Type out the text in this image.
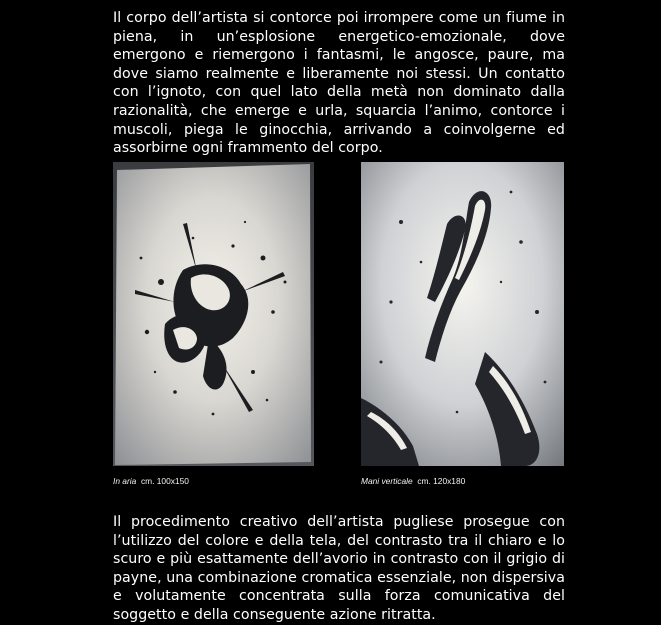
Il corpo dell’artista si contorce poi irrompere come un fiume in piena, in un’esplosione energetico-emozionale, dove emergono e riemergono i fantasmi, le angosce, paure, ma dove siamo realmente e liberamente noi stessi. Un contatto con l’ignoto, con quel lato della metà non dominato dalla razionalità, che emerge e urla, squarcia l’animo, contorce i muscoli, piega le ginocchia, arrivando a coinvolgerne ed assorbirne ogni frammento del corpo.

In aria cm. 100x150	Mani verticale cm. 120x180

Il procedimento creativo dell’artista pugliese prosegue con l’utilizzo del colore e della tela, del contrasto tra il chiaro e lo scuro e più esattamente dell’avorio in contrasto con il grigio di payne, una combinazione cromatica essenziale, non dispersiva e volutamente concentrata sulla forza comunicativa del soggetto e della conseguente azione ritratta.
